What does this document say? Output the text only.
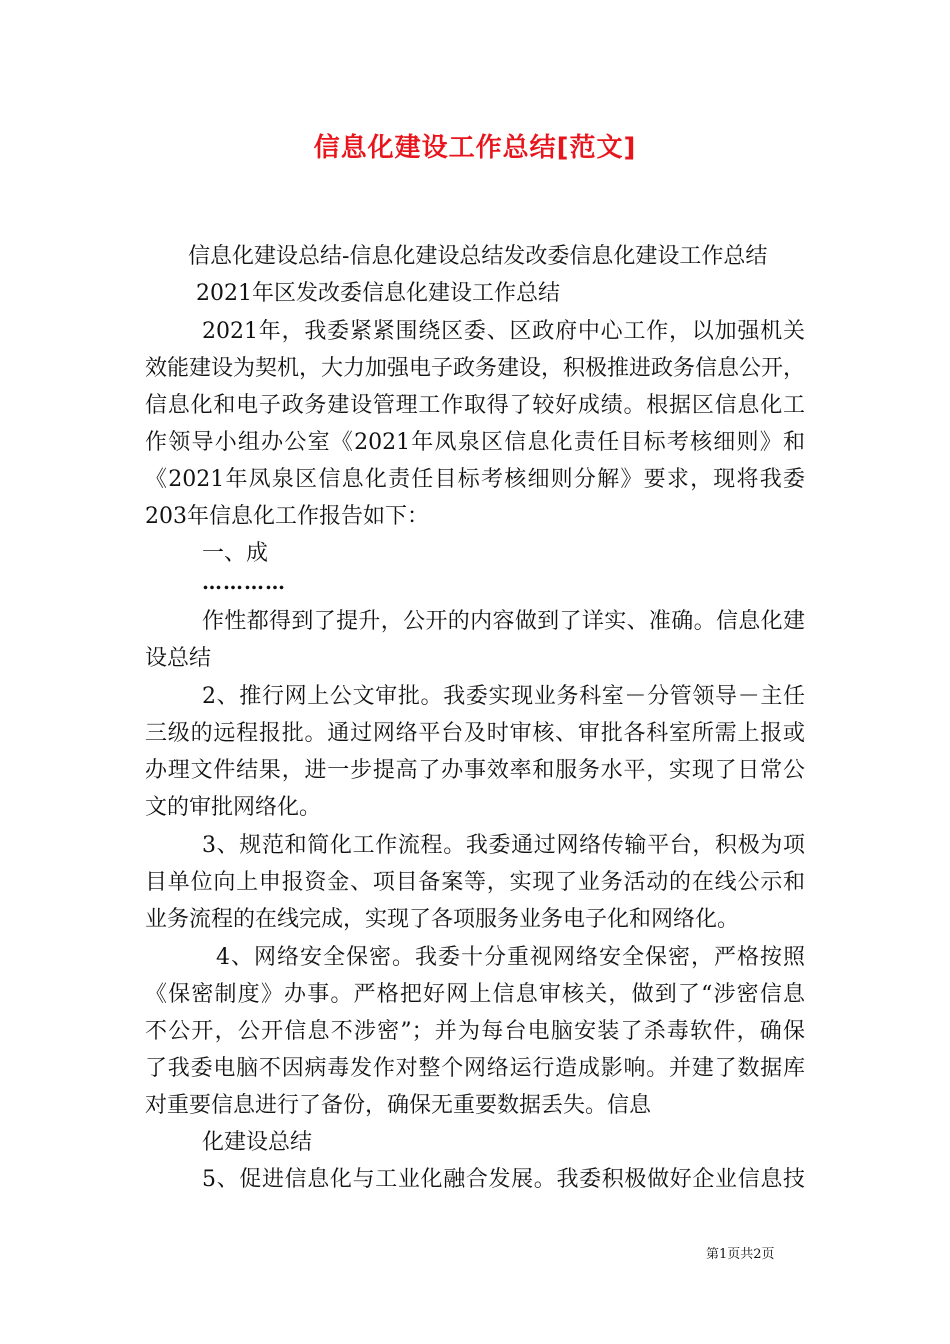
信息化建设工作总结[范文]
信息化建设总结-信息化建设总结发改委信息化建设工作总结
2021年区发改委信息化建设工作总结
2021年，我委紧紧围绕区委、区政府中心工作，以加强机关
效能建设为契机，大力加强电子政务建设，积极推进政务信息公开，
信息化和电子政务建设管理工作取得了较好成绩。根据区信息化工
作领导小组办公室《2021年凤泉区信息化责任目标考核细则》和
《2021年凤泉区信息化责任目标考核细则分解》要求，现将我委
203年信息化工作报告如下：
一、成
…………
作性都得到了提升，公开的内容做到了详实、准确。信息化建
设总结
2、推行网上公文审批。我委实现业务科室－分管领导－主任
三级的远程报批。通过网络平台及时审核、审批各科室所需上报或
办理文件结果，进一步提高了办事效率和服务水平，实现了日常公
文的审批网络化。
3、规范和简化工作流程。我委通过网络传输平台，积极为项
目单位向上申报资金、项目备案等，实现了业务活动的在线公示和
业务流程的在线完成，实现了各项服务业务电子化和网络化。
4、网络安全保密。我委十分重视网络安全保密，严格按照
《保密制度》办事。严格把好网上信息审核关，做到了“涉密信息
不公开，公开信息不涉密”；并为每台电脑安装了杀毒软件，确保
了我委电脑不因病毒发作对整个网络运行造成影响。并建了数据库
对重要信息进行了备份，确保无重要数据丢失。信息
化建设总结
5、促进信息化与工业化融合发展。我委积极做好企业信息技
第1页共2页
